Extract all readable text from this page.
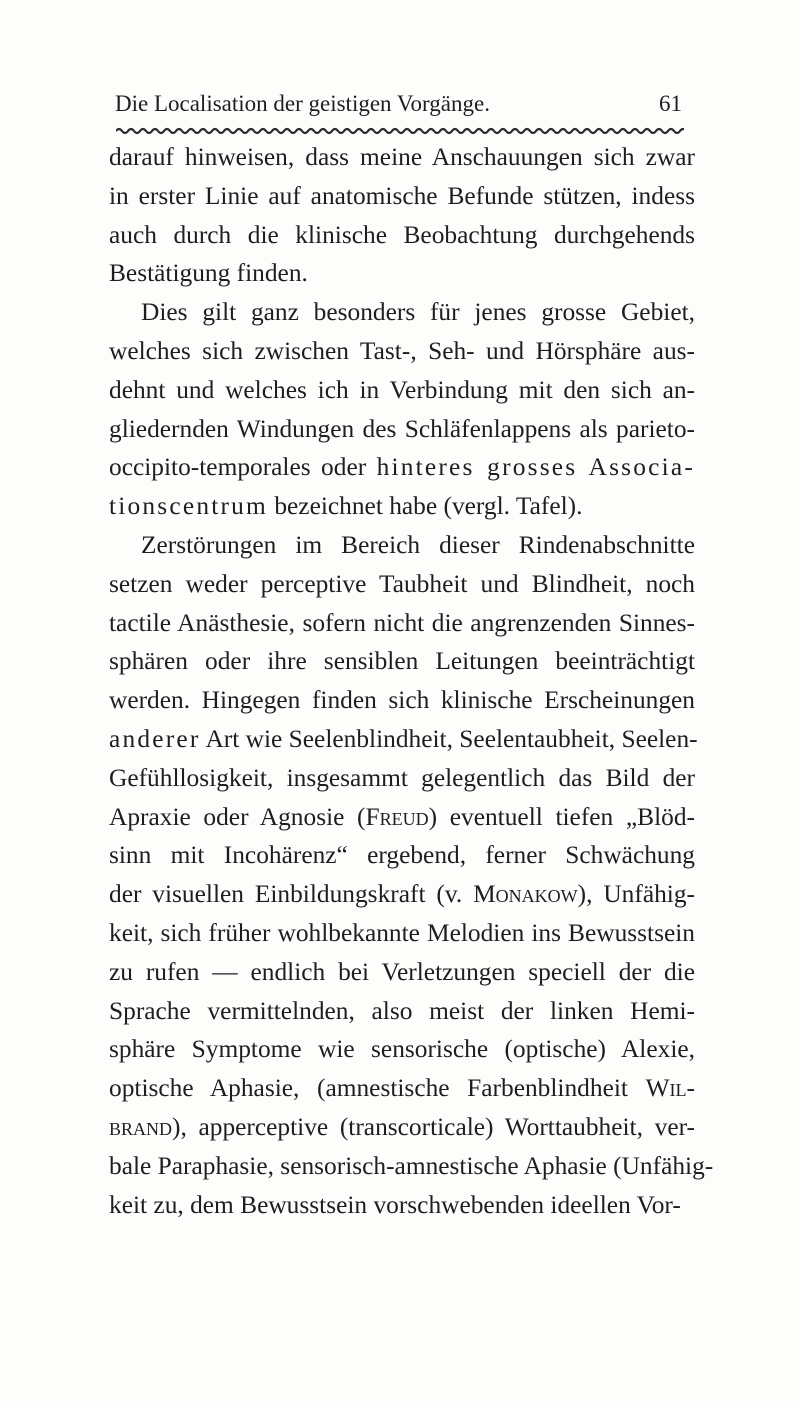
Die Localisation der geistigen Vorgänge.	61
darauf hinweisen, dass meine Anschauungen sich zwar
in erster Linie auf anatomische Befunde stützen, indess
auch durch die klinische Beobachtung durchgehends
Bestätigung finden.
Dies gilt ganz besonders für jenes grosse Gebiet,
welches sich zwischen Tast-, Seh- und Hörsphäre aus-
dehnt und welches ich in Verbindung mit den sich an-
gliedernden Windungen des Schläfenlappens als parieto-
occipito-temporales oder hinteres grosses Associa-
tionscentrum bezeichnet habe (vergl. Tafel).
Zerstörungen im Bereich dieser Rindenabschnitte
setzen weder perceptive Taubheit und Blindheit, noch
tactile Anästhesie, sofern nicht die angrenzenden Sinnes-
sphären oder ihre sensiblen Leitungen beeinträchtigt
werden. Hingegen finden sich klinische Erscheinungen
anderer Art wie Seelenblindheit, Seelentaubheit, Seelen-
Gefühllosigkeit, insgesammt gelegentlich das Bild der
Apraxie oder Agnosie (Freud) eventuell tiefen „Blöd-
sinn mit Incohärenz“ ergebend, ferner Schwächung
der visuellen Einbildungskraft (v. Monakow), Unfähig-
keit, sich früher wohlbekannte Melodien ins Bewusstsein
zu rufen — endlich bei Verletzungen speciell der die
Sprache vermittelnden, also meist der linken Hemi-
sphäre Symptome wie sensorische (optische) Alexie,
optische Aphasie, (amnestische Farbenblindheit Wil-
brand), apperceptive (transcorticale) Worttaubheit, ver-
bale Paraphasie, sensorisch-amnestische Aphasie (Unfähig-
keit zu, dem Bewusstsein vorschwebenden ideellen Vor-
